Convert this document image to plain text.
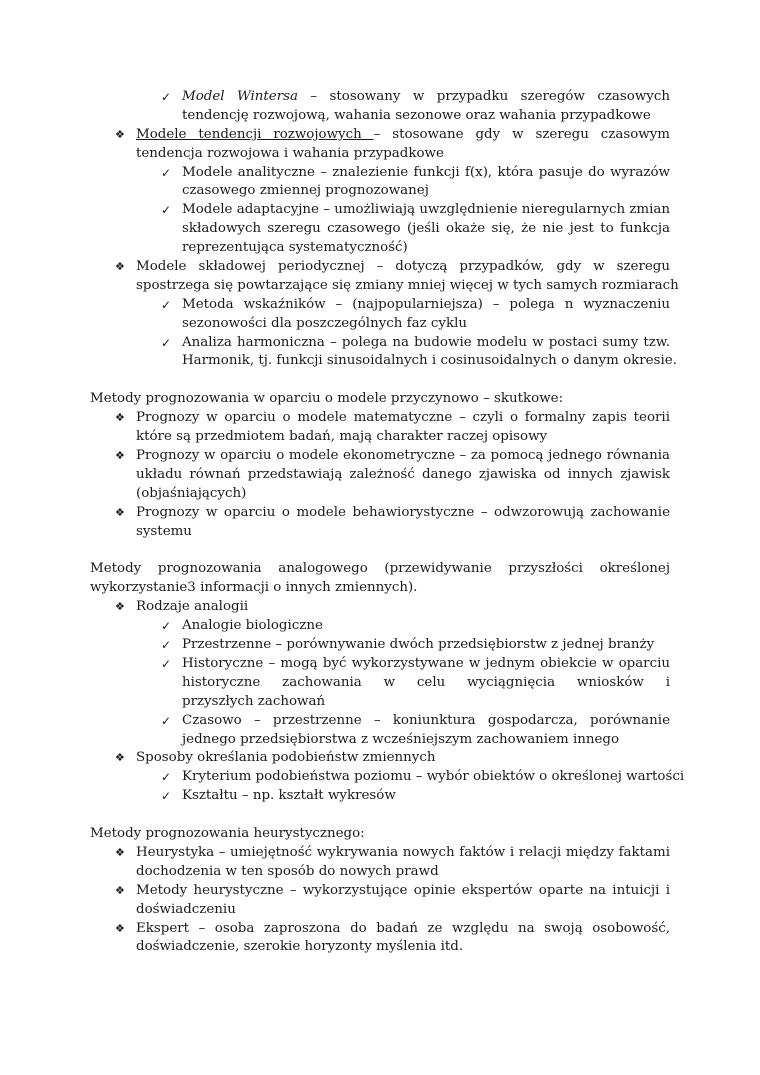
✓ Model Wintersa – stosowany w przypadku szeregów czasowych
tendencję rozwojową, wahania sezonowe oraz wahania przypadkowe
❖ Modele tendencji rozwojowych – stosowane gdy w szeregu czasowym
tendencja rozwojowa i wahania przypadkowe
✓ Modele analityczne – znalezienie funkcji f(x), która pasuje do wyrazów
czasowego zmiennej prognozowanej
✓ Modele adaptacyjne – umożliwiają uwzględnienie nieregularnych zmian
składowych szeregu czasowego (jeśli okaże się, że nie jest to funkcja
reprezentująca systematyczność)
❖ Modele składowej periodycznej – dotyczą przypadków, gdy w szeregu
spostrzega się powtarzające się zmiany mniej więcej w tych samych rozmiarach
✓ Metoda wskaźników – (najpopularniejsza) – polega n wyznaczeniu
sezonowości dla poszczególnych faz cyklu
✓ Analiza harmoniczna – polega na budowie modelu w postaci sumy tzw.
Harmonik, tj. funkcji sinusoidalnych i cosinusoidalnych o danym okresie.
Metody prognozowania w oparciu o modele przyczynowo – skutkowe:
❖ Prognozy w oparciu o modele matematyczne – czyli o formalny zapis teorii
które są przedmiotem badań, mają charakter raczej opisowy
❖ Prognozy w oparciu o modele ekonometryczne – za pomocą jednego równania
układu równań przedstawiają zależność danego zjawiska od innych zjawisk
(objaśniających)
❖ Prognozy w oparciu o modele behawiorystyczne – odwzorowują zachowanie
systemu
Metody prognozowania analogowego (przewidywanie przyszłości określonej
wykorzystanie3 informacji o innych zmiennych).
❖ Rodzaje analogii
✓ Analogie biologiczne
✓ Przestrzenne – porównywanie dwóch przedsiębiorstw z jednej branży
✓ Historyczne – mogą być wykorzystywane w jednym obiekcie w oparciu
historyczne zachowania w celu wyciągnięcia wniosków i
przyszłych zachowań
✓ Czasowo – przestrzenne – koniunktura gospodarcza, porównanie
jednego przedsiębiorstwa z wcześniejszym zachowaniem innego
❖ Sposoby określania podobieństw zmiennych
✓ Kryterium podobieństwa poziomu – wybór obiektów o określonej wartości
✓ Kształtu – np. kształt wykresów
Metody prognozowania heurystycznego:
❖ Heurystyka – umiejętność wykrywania nowych faktów i relacji między faktami
dochodzenia w ten sposób do nowych prawd
❖ Metody heurystyczne – wykorzystujące opinie ekspertów oparte na intuicji i
doświadczeniu
❖ Ekspert – osoba zaproszona do badań ze względu na swoją osobowość,
doświadczenie, szerokie horyzonty myślenia itd.
